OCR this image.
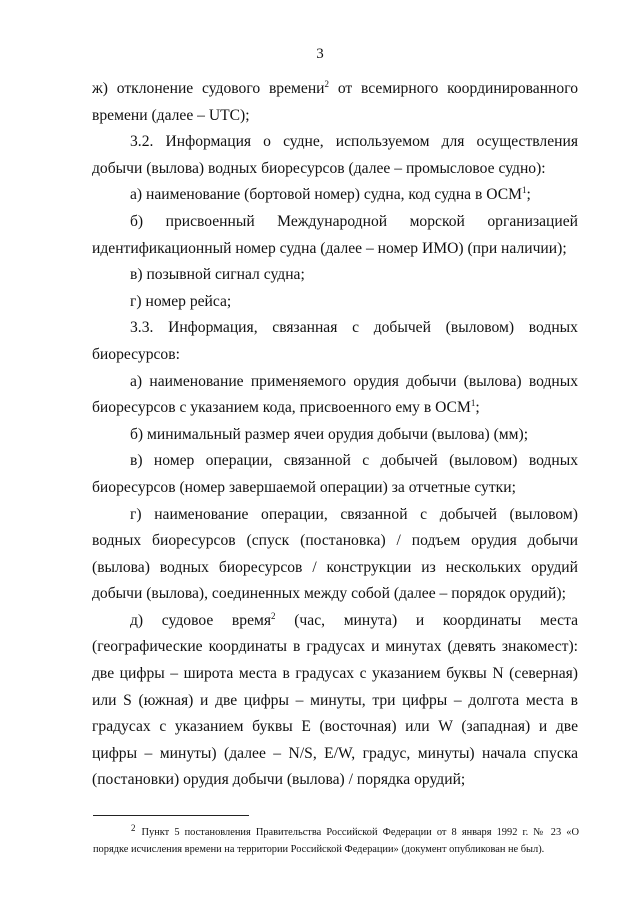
3

ж) отклонение судового времени$^2$ от всемирного координированного времени (далее – UTC);

3.2. Информация о судне, используемом для осуществления добычи (вылова) водных биоресурсов (далее – промысловое судно):

а) наименование (бортовой номер) судна, код судна в ОСМ$^1$;

б) присвоенный Международной морской организацией

идентификационный номер судна (далее – номер ИМО) (при наличии);

в) позывной сигнал судна;

г) номер рейса;

3.3. Информация, связанная с добычей (выловом) водных

биоресурсов:

а) наименование применяемого орудия добычи (вылова) водных биоресурсов с указанием кода, присвоенного ему в ОСМ$^1$;

б) минимальный размер ячеи орудия добычи (вылова) (мм);

в) номер операции, связанной с добычей (выловом) водных биоресурсов (номер завершаемой операции) за отчетные сутки;

г) наименование операции, связанной с добычей (выловом) водных биоресурсов (спуск (постановка) / подъем орудия добычи (вылова) водных биоресурсов / конструкции из нескольких орудий добычи (вылова), соединенных между собой (далее – порядок орудий);

д) судовое время$^2$ (час, минута) и координаты места (географические координаты в градусах и минутах (девять знакомест): две цифры – широта места в градусах с указанием буквы N (северная) или S (южная) и две цифры – минуты, три цифры – долгота места в градусах с указанием буквы E (восточная) или W (западная) и две цифры – минуты) (далее – N/S, E/W, градус, минуты) начала спуска (постановки) орудия добычи (вылова) / порядка орудий;

2 Пункт 5 постановления Правительства Российской Федерации от 8 января 1992 г. № 23 «О порядке исчисления времени на территории Российской Федерации» (документ опубликован не был).
